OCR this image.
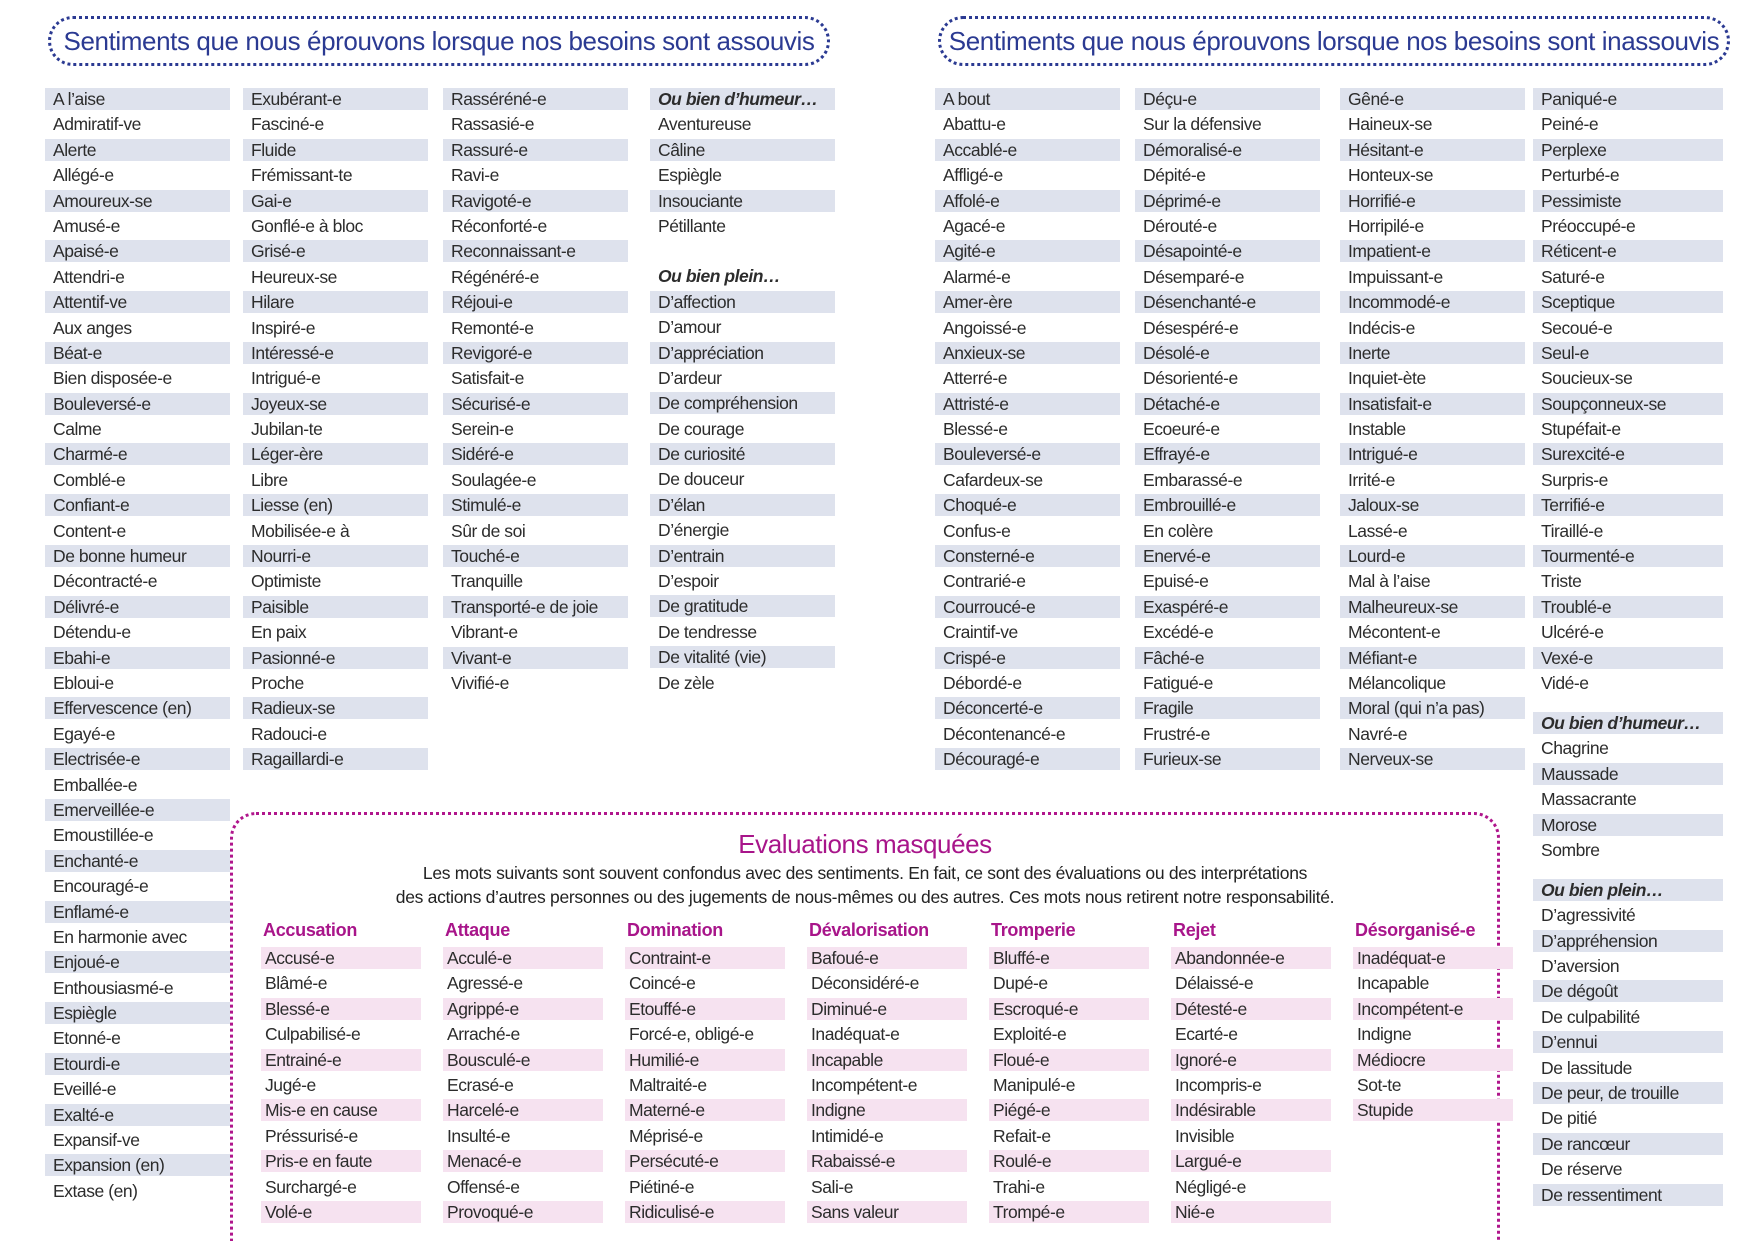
Sentiments que nous éprouvons lorsque nos besoins sont assouvis	Sentiments que nous éprouvons lorsque nos besoins sont inassouvis
A l’aise
Admiratif-ve
Alerte
Allégé-e
Amoureux-se
Amusé-e
Apaisé-e
Attendri-e
Attentif-ve
Aux anges
Béat-e
Bien disposée-e
Bouleversé-e
Calme
Charmé-e
Comblé-e
Confiant-e
Content-e
De bonne humeur
Décontracté-e
Délivré-e
Détendu-e
Ebahi-e
Ebloui-e
Effervescence (en)
Egayé-e
Electrisée-e
Emballée-e
Emerveillée-e
Emoustillée-e
Enchanté-e
Encouragé-e
Enflamé-e
En harmonie avec
Enjoué-e
Enthousiasmé-e
Espiègle
Etonné-e
Etourdi-e
Eveillé-e
Exalté-e
Expansif-ve
Expansion (en)
Extase (en)
Exubérant-e
Fasciné-e
Fluide
Frémissant-te
Gai-e
Gonflé-e à bloc
Grisé-e
Heureux-se
Hilare
Inspiré-e
Intéressé-e
Intrigué-e
Joyeux-se
Jubilan-te
Léger-ère
Libre
Liesse (en)
Mobilisée-e à
Nourri-e
Optimiste
Paisible
En paix
Pasionné-e
Proche
Radieux-se
Radouci-e
Ragaillardi-e
Rasséréné-e
Rassasié-e
Rassuré-e
Ravi-e
Ravigoté-e
Réconforté-e
Reconnaissant-e
Régénéré-e
Réjoui-e
Remonté-e
Revigoré-e
Satisfait-e
Sécurisé-e
Serein-e
Sidéré-e
Soulagée-e
Stimulé-e
Sûr de soi
Touché-e
Tranquille
Transporté-e de joie
Vibrant-e
Vivant-e
Vivifié-e
Ou bien d’humeur…
Aventureuse
Câline
Espiègle
Insouciante
Pétillante
Ou bien plein…
D’affection
D’amour
D’appréciation
D’ardeur
De compréhension
De courage
De curiosité
De douceur
D’élan
D’énergie
D’entrain
D’espoir
De gratitude
De tendresse
De vitalité (vie)
De zèle
A bout
Abattu-e
Accablé-e
Affligé-e
Affolé-e
Agacé-e
Agité-e
Alarmé-e
Amer-ère
Angoissé-e
Anxieux-se
Atterré-e
Attristé-e
Blessé-e
Bouleversé-e
Cafardeux-se
Choqué-e
Confus-e
Consterné-e
Contrarié-e
Courroucé-e
Craintif-ve
Crispé-e
Débordé-e
Déconcerté-e
Décontenancé-e
Découragé-e
Déçu-e
Sur la défensive
Démoralisé-e
Dépité-e
Déprimé-e
Dérouté-e
Désapointé-e
Désemparé-e
Désenchanté-e
Désespéré-e
Désolé-e
Désorienté-e
Détaché-e
Ecoeuré-e
Effrayé-e
Embarassé-e
Embrouillé-e
En colère
Enervé-e
Epuisé-e
Exaspéré-e
Excédé-e
Fâché-e
Fatigué-e
Fragile
Frustré-e
Furieux-se
Gêné-e
Haineux-se
Hésitant-e
Honteux-se
Horrifié-e
Horripilé-e
Impatient-e
Impuissant-e
Incommodé-e
Indécis-e
Inerte
Inquiet-ète
Insatisfait-e
Instable
Intrigué-e
Irrité-e
Jaloux-se
Lassé-e
Lourd-e
Mal à l’aise
Malheureux-se
Mécontent-e
Méfiant-e
Mélancolique
Moral (qui n’a pas)
Navré-e
Nerveux-se
Paniqué-e
Peiné-e
Perplexe
Perturbé-e
Pessimiste
Préoccupé-e
Réticent-e
Saturé-e
Sceptique
Secoué-e
Seul-e
Soucieux-se
Soupçonneux-se
Stupéfait-e
Surexcité-e
Surpris-e
Terrifié-e
Tiraillé-e
Tourmenté-e
Triste
Troublé-e
Ulcéré-e
Vexé-e
Vidé-e
Ou bien d’humeur…
Chagrine
Maussade
Massacrante
Morose
Sombre
Ou bien plein…
D’agressivité
D’appréhension
D’aversion
De dégoût
De culpabilité
D’ennui
De lassitude
De peur, de trouille
De pitié
De rancœur
De réserve
De ressentiment
Evaluations masquées
Les mots suivants sont souvent confondus avec des sentiments. En fait, ce sont des évaluations ou des interprétations
des actions d’autres personnes ou des jugements de nous-mêmes ou des autres. Ces mots nous retirent notre responsabilité.
Accusation
Accusé-e
Blâmé-e
Blessé-e
Culpabilisé-e
Entrainé-e
Jugé-e
Mis-e en cause
Préssurisé-e
Pris-e en faute
Surchargé-e
Volé-e
Attaque
Acculé-e
Agressé-e
Agrippé-e
Arraché-e
Bousculé-e
Ecrasé-e
Harcelé-e
Insulté-e
Menacé-e
Offensé-e
Provoqué-e
Domination
Contraint-e
Coincé-e
Etouffé-e
Forcé-e, obligé-e
Humilié-e
Maltraité-e
Materné-e
Méprisé-e
Persécuté-e
Piétiné-e
Ridiculisé-e
Dévalorisation
Bafoué-e
Déconsidéré-e
Diminué-e
Inadéquat-e
Incapable
Incompétent-e
Indigne
Intimidé-e
Rabaissé-e
Sali-e
Sans valeur
Tromperie
Bluffé-e
Dupé-e
Escroqué-e
Exploité-e
Floué-e
Manipulé-e
Piégé-e
Refait-e
Roulé-e
Trahi-e
Trompé-e
Rejet
Abandonnée-e
Délaissé-e
Détesté-e
Ecarté-e
Ignoré-e
Incompris-e
Indésirable
Invisible
Largué-e
Négligé-e
Nié-e
Désorganisé-e
Inadéquat-e
Incapable
Incompétent-e
Indigne
Médiocre
Sot-te
Stupide
